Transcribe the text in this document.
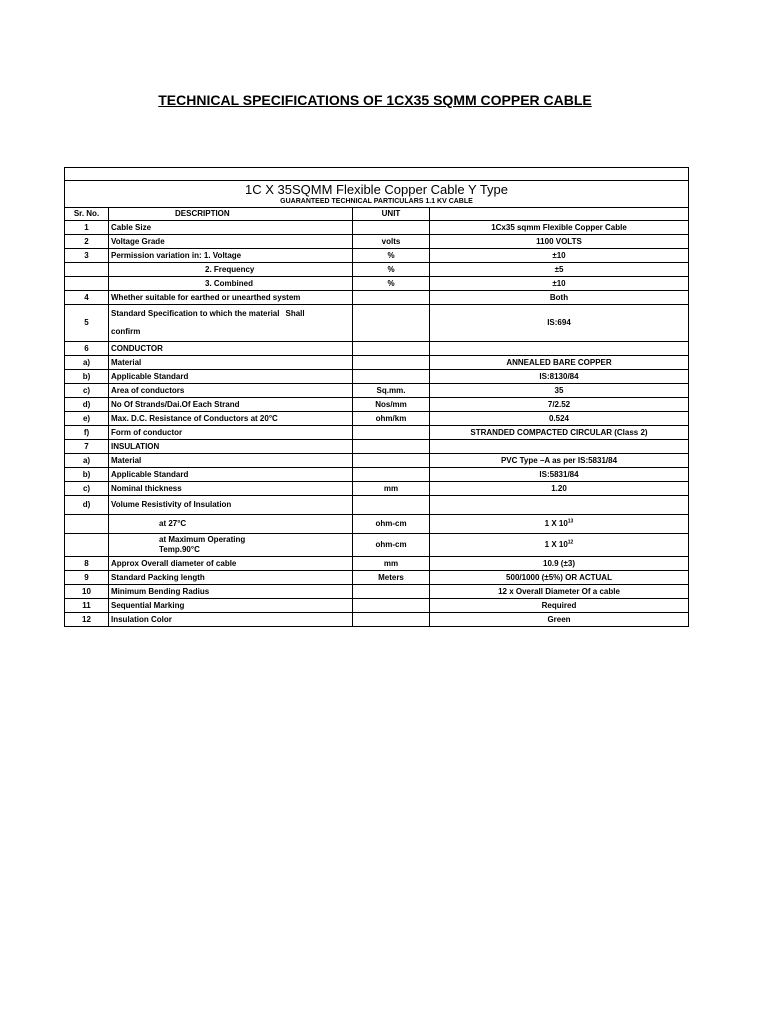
TECHNICAL SPECIFICATIONS OF 1CX35 SQMM COPPER CABLE

1C X 35SQMM Flexible Copper Cable Y Type
GUARANTEED TECHNICAL PARTICULARS 1.1 KV CABLE			

Sr. No.	DESCRIPTION	UNIT	
1	Cable Size		1Cx35 sqmm Flexible Copper Cable
2	Voltage Grade	volts	1100 VOLTS
3	Permission variation in: 1. Voltage	%	±10
	2. Frequency	%	±5
	3. Combined	%	±10
4	Whether suitable for earthed or unearthed system		Both
5	Standard Specification to which the material Shall
confirm		IS:694
6	CONDUCTOR		
a)	Material		ANNEALED BARE COPPER
b)	Applicable Standard		IS:8130/84
c)	Area of conductors	Sq.mm.	35
d)	No Of Strands/Dai.Of Each Strand	Nos/mm	7/2.52
e)	Max. D.C. Resistance of Conductors at 20°C	ohm/km	0.524
f)	Form of conductor		STRANDED COMPACTED CIRCULAR (Class 2)
7	INSULATION		
a)	Material		PVC Type –A as per IS:5831/84
b)	Applicable Standard		IS:5831/84
c)	Nominal thickness	mm	1.20
d)	Volume Resistivity of Insulation		
	at 27°C	ohm-cm	1 X $10^{13}$

	at Maximum Operating
Temp.90°C	ohm-cm	1 X $10^{12}$
8	Approx Overall diameter of cable	mm	10.9 (±3)
9	Standard Packing length	Meters	500/1000 (±5%) OR ACTUAL
10	Minimum Bending Radius		12 x Overall Diameter Of a cable
11	Sequential Marking		Required
12	Insulation Color		Green
